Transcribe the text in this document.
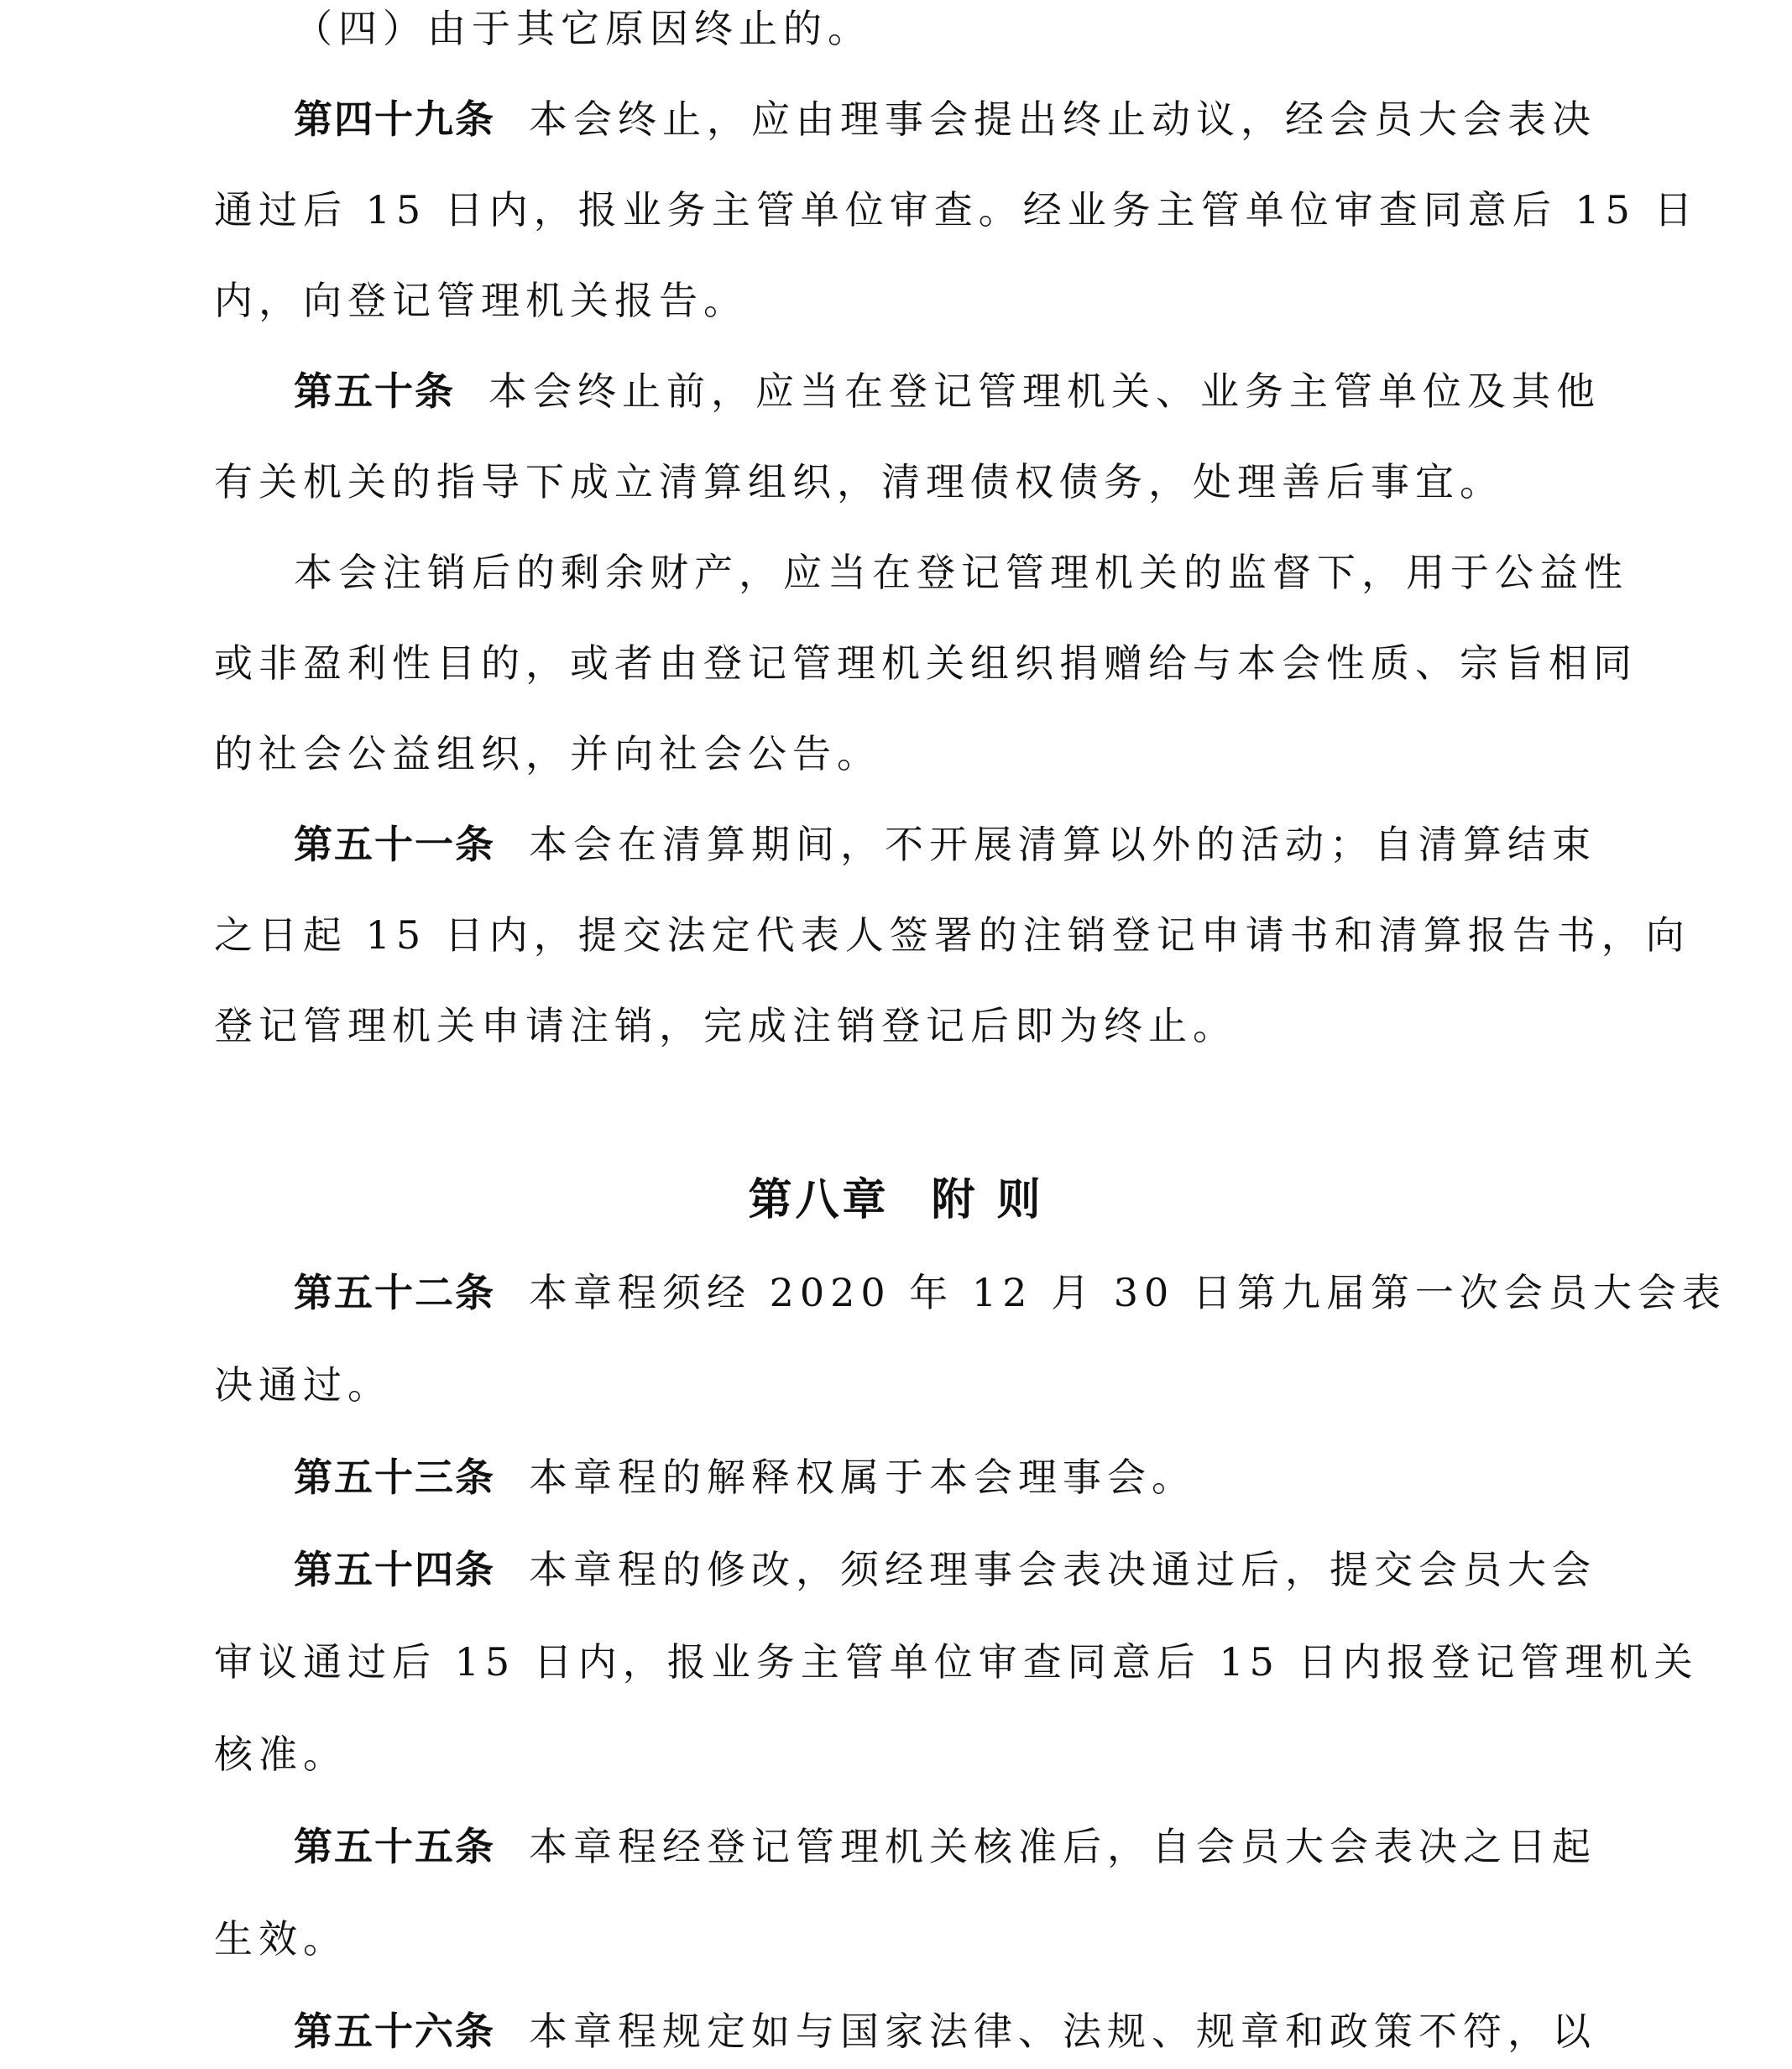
（四）由于其它原因终止的。
第四十九条 本会终止，应由理事会提出终止动议，经会员大会表决
通过后 15 日内，报业务主管单位审查。经业务主管单位审查同意后 15 日
内，向登记管理机关报告。
第五十条 本会终止前，应当在登记管理机关、业务主管单位及其他
有关机关的指导下成立清算组织，清理债权债务，处理善后事宜。
本会注销后的剩余财产，应当在登记管理机关的监督下，用于公益性
或非盈利性目的，或者由登记管理机关组织捐赠给与本会性质、宗旨相同
的社会公益组织，并向社会公告。
第五十一条 本会在清算期间，不开展清算以外的活动；自清算结束
之日起 15 日内，提交法定代表人签署的注销登记申请书和清算报告书，向
登记管理机关申请注销，完成注销登记后即为终止。
第八章 附 则
第五十二条 本章程须经 2020 年 12 月 30 日第九届第一次会员大会表
决通过。
第五十三条 本章程的解释权属于本会理事会。
第五十四条 本章程的修改，须经理事会表决通过后，提交会员大会
审议通过后 15 日内，报业务主管单位审查同意后 15 日内报登记管理机关
核准。
第五十五条 本章程经登记管理机关核准后，自会员大会表决之日起
生效。
第五十六条 本章程规定如与国家法律、法规、规章和政策不符，以
